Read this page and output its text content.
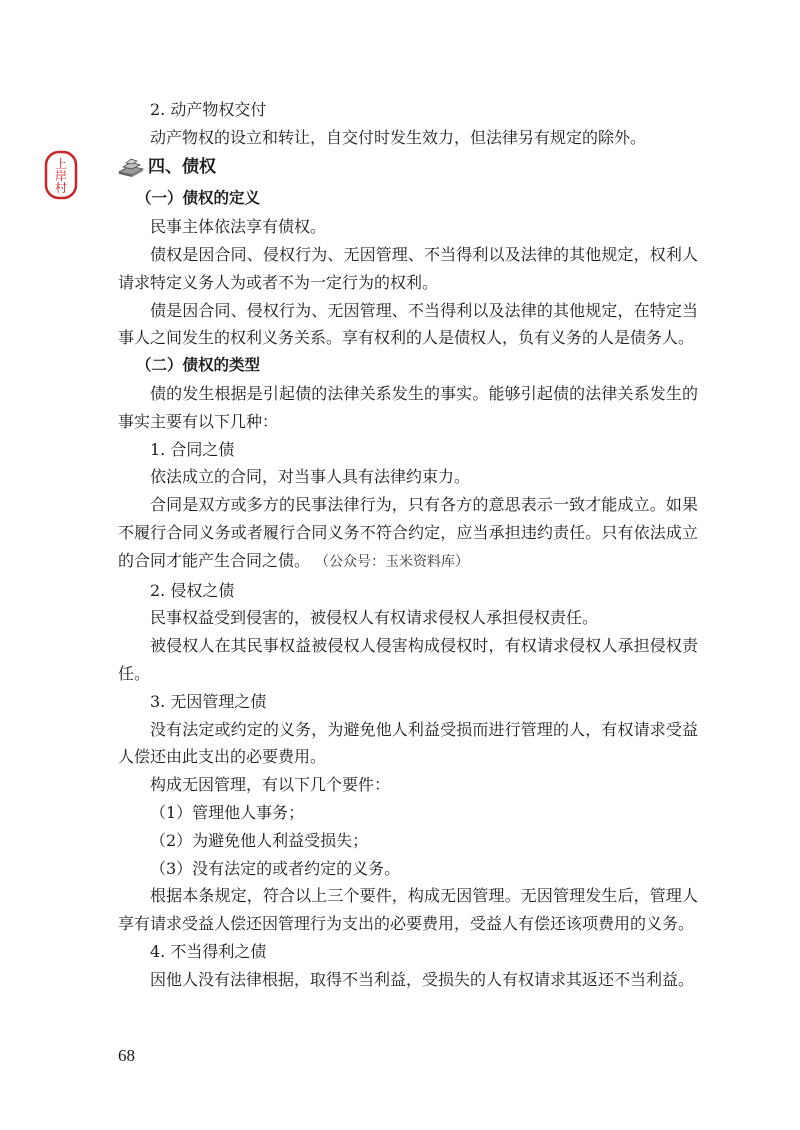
上
岸
村

2. 动产物权交付

动产物权的设立和转让，自交付时发生效力，但法律另有规定的除外。

四、债权

（一）债权的定义

民事主体依法享有债权。

债权是因合同、侵权行为、无因管理、不当得利以及法律的其他规定，权利人请求特定义务人为或者不为一定行为的权利。

债是因合同、侵权行为、无因管理、不当得利以及法律的其他规定，在特定当事人之间发生的权利义务关系。享有权利的人是债权人，负有义务的人是债务人。

（二）债权的类型

债的发生根据是引起债的法律关系发生的事实。能够引起债的法律关系发生的事实主要有以下几种：

1. 合同之债

依法成立的合同，对当事人具有法律约束力。

合同是双方或多方的民事法律行为，只有各方的意思表示一致才能成立。如果不履行合同义务或者履行合同义务不符合约定，应当承担违约责任。只有依法成立的合同才能产生合同之债。 （公众号：玉米资料库）

2. 侵权之债

民事权益受到侵害的，被侵权人有权请求侵权人承担侵权责任。

被侵权人在其民事权益被侵权人侵害构成侵权时，有权请求侵权人承担侵权责任。

3. 无因管理之债

没有法定或约定的义务，为避免他人利益受损而进行管理的人，有权请求受益人偿还由此支出的必要费用。

构成无因管理，有以下几个要件：

（1）管理他人事务；

（2）为避免他人利益受损失；

（3）没有法定的或者约定的义务。

根据本条规定，符合以上三个要件，构成无因管理。无因管理发生后，管理人享有请求受益人偿还因管理行为支出的必要费用，受益人有偿还该项费用的义务。

4. 不当得利之债

因他人没有法律根据，取得不当利益，受损失的人有权请求其返还不当利益。

68
